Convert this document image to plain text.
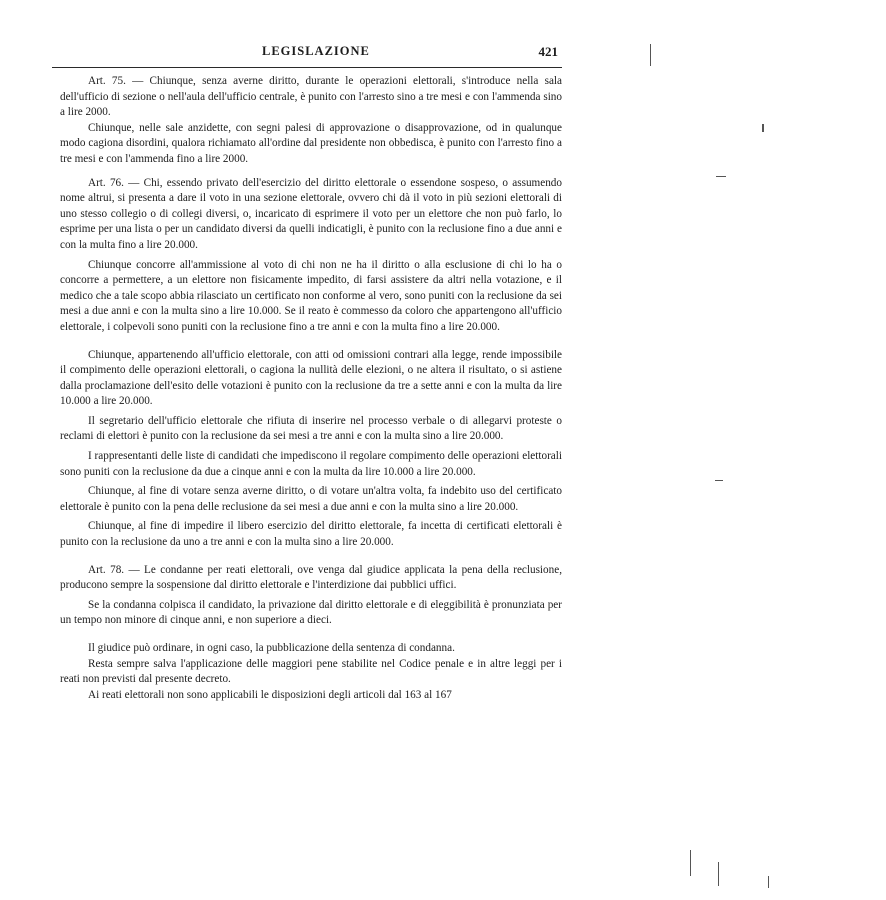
LEGISLAZIONE	421

Art. 75. — Chiunque, senza averne diritto, durante le operazioni elettorali, s'introduce nella sala dell'ufficio di sezione o nell'aula dell'ufficio centrale, è punito con l'arresto sino a tre mesi e con l'ammenda sino a lire 2000.

Chiunque, nelle sale anzidette, con segni palesi di approvazione o disapprovazione, od in qualunque modo cagiona disordini, qualora richiamato all'ordine dal presidente non obbedisca, è punito con l'arresto fino a tre mesi e con l'ammenda fino a lire 2000.

Art. 76. — Chi, essendo privato dell'esercizio del diritto elettorale o essendone sospeso, o assumendo nome altrui, si presenta a dare il voto in una sezione elettorale, ovvero chi dà il voto in più sezioni elettorali di uno stesso collegio o di collegi diversi, o, incaricato di esprimere il voto per un elettore che non può farlo, lo esprime per una lista o per un candidato diversi da quelli indicatigli, è punito con la reclusione fino a due anni e con la multa fino a lire 20.000.

Chiunque concorre all'ammissione al voto di chi non ne ha il diritto o alla esclusione di chi lo ha o concorre a permettere, a un elettore non fisicamente impedito, di farsi assistere da altri nella votazione, e il medico che a tale scopo abbia rilasciato un certificato non conforme al vero, sono puniti con la reclusione da sei mesi a due anni e con la multa sino a lire 10.000. Se il reato è commesso da coloro che appartengono all'ufficio elettorale, i colpevoli sono puniti con la reclusione fino a tre anni e con la multa fino a lire 20.000.

Chiunque, appartenendo all'ufficio elettorale, con atti od omissioni contrari alla legge, rende impossibile il compimento delle operazioni elettorali, o cagiona la nullità delle elezioni, o ne altera il risultato, o si astiene dalla proclamazione dell'esito delle votazioni è punito con la reclusione da tre a sette anni e con la multa da lire 10.000 a lire 20.000.

Il segretario dell'ufficio elettorale che rifiuta di inserire nel processo verbale o di allegarvi proteste o reclami di elettori è punito con la reclusione da sei mesi a tre anni e con la multa sino a lire 20.000.

I rappresentanti delle liste di candidati che impediscono il regolare compimento delle operazioni elettorali sono puniti con la reclusione da due a cinque anni e con la multa da lire 10.000 a lire 20.000.

Chiunque, al fine di votare senza averne diritto, o di votare un'altra volta, fa indebito uso del certificato elettorale è punito con la pena delle reclusione da sei mesi a due anni e con la multa sino a lire 20.000.

Chiunque, al fine di impedire il libero esercizio del diritto elettorale, fa incetta di certificati elettorali è punito con la reclusione da uno a tre anni e con la multa sino a lire 20.000.

Art. 78. — Le condanne per reati elettorali, ove venga dal giudice applicata la pena della reclusione, producono sempre la sospensione dal diritto elettorale e l'interdizione dai pubblici uffici.

Se la condanna colpisca il candidato, la privazione dal diritto elettorale e di eleggibilità è pronunziata per un tempo non minore di cinque anni, e non superiore a dieci.

Il giudice può ordinare, in ogni caso, la pubblicazione della sentenza di condanna.

Resta sempre salva l'applicazione delle maggiori pene stabilite nel Codice penale e in altre leggi per i reati non previsti dal presente decreto.

Ai reati elettorali non sono applicabili le disposizioni degli articoli dal 163 al 167
